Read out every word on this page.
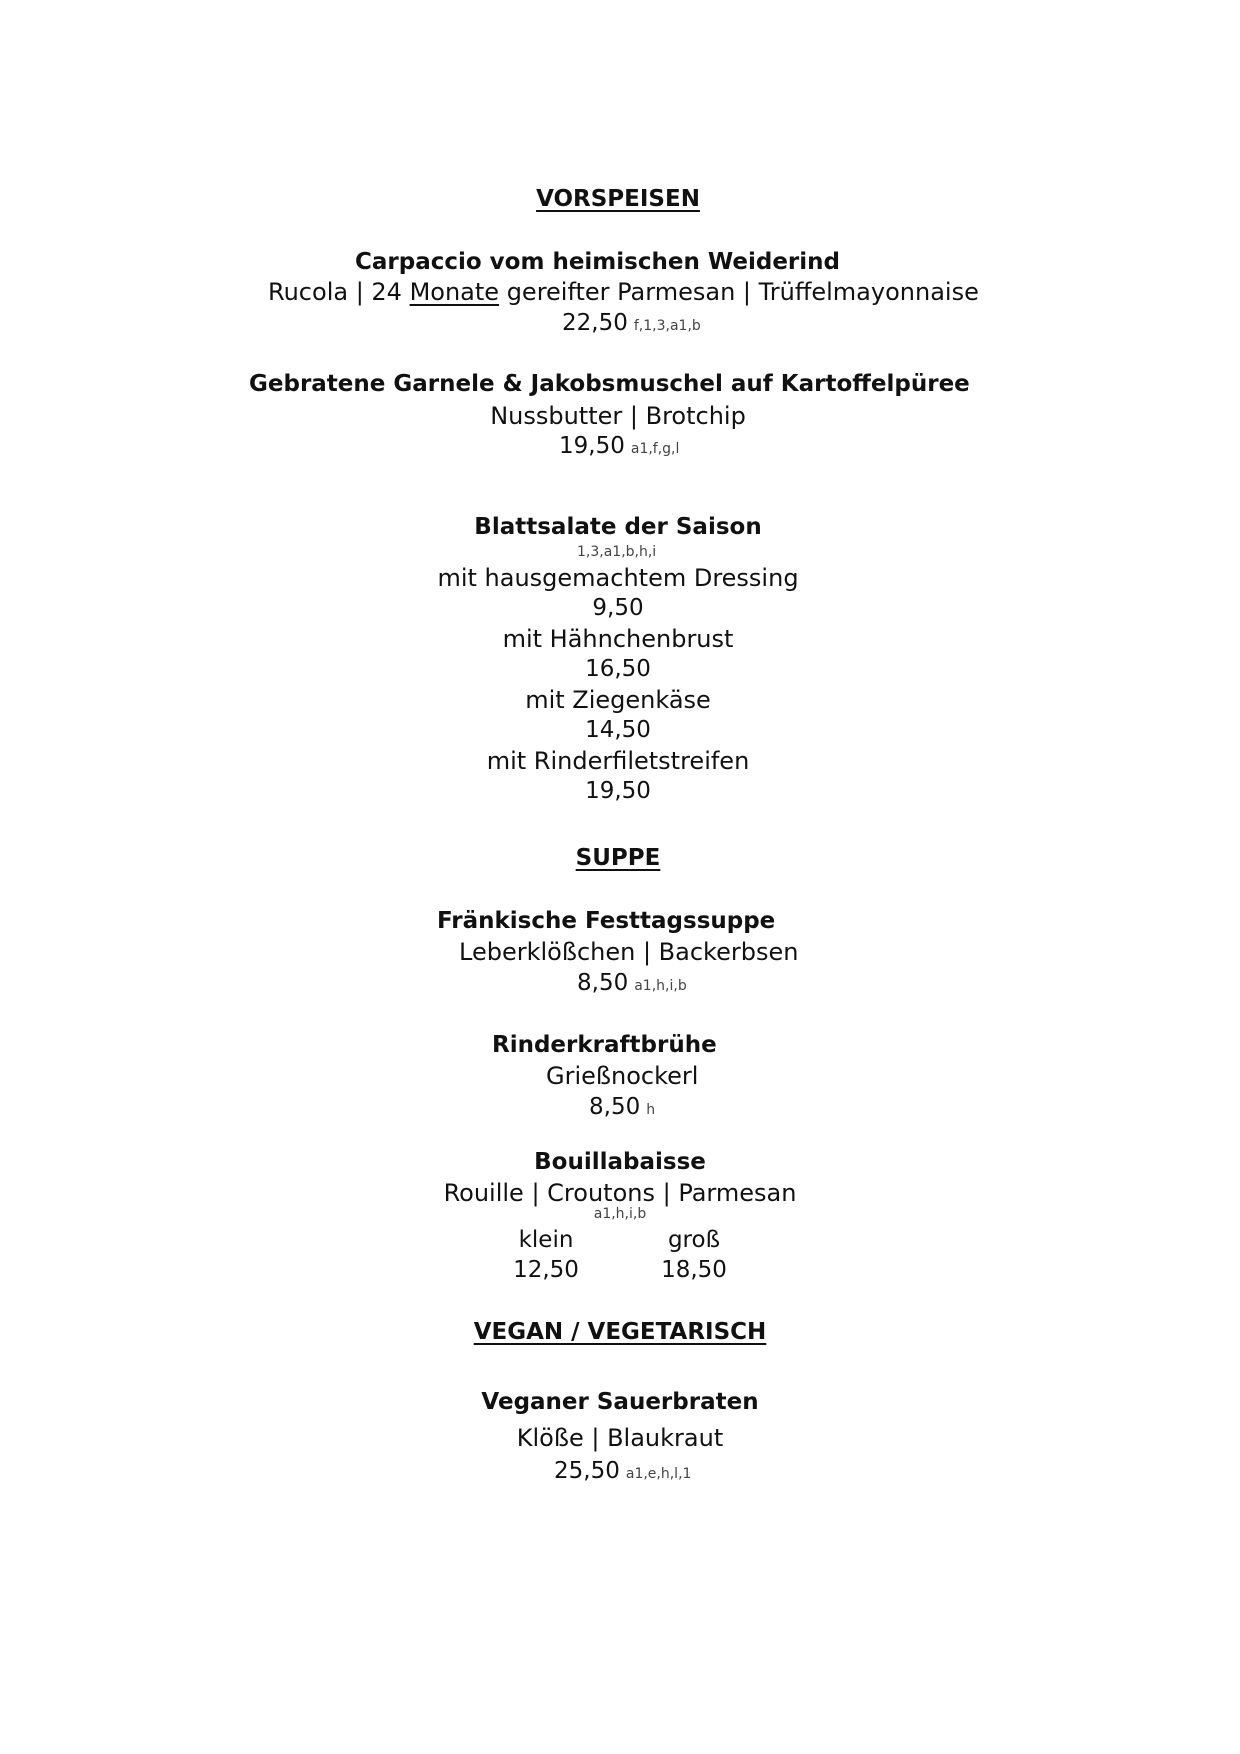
VORSPEISEN
Carpaccio vom heimischen Weiderind
Rucola | 24 Monate gereifter Parmesan | Trüffelmayonnaise
22,50 f,1,3,a1,b
Gebratene Garnele & Jakobsmuschel auf Kartoffelpüree
Nussbutter | Brotchip
19,50 a1,f,g,l
Blattsalate der Saison
1,3,a1,b,h,i
mit hausgemachtem Dressing
9,50
mit Hähnchenbrust
16,50
mit Ziegenkäse
14,50
mit Rinderfiletstreifen
19,50
SUPPE
Fränkische Festtagssuppe
Leberklößchen | Backerbsen
8,50 a1,h,i,b
Rinderkraftbrühe
Grießnockerl
8,50 h
Bouillabaisse
Rouille | Croutons | Parmesan
a1,h,i,b
klein	groß
12,50	18,50
VEGAN / VEGETARISCH
Veganer Sauerbraten
Klöße | Blaukraut
25,50 a1,e,h,l,1
